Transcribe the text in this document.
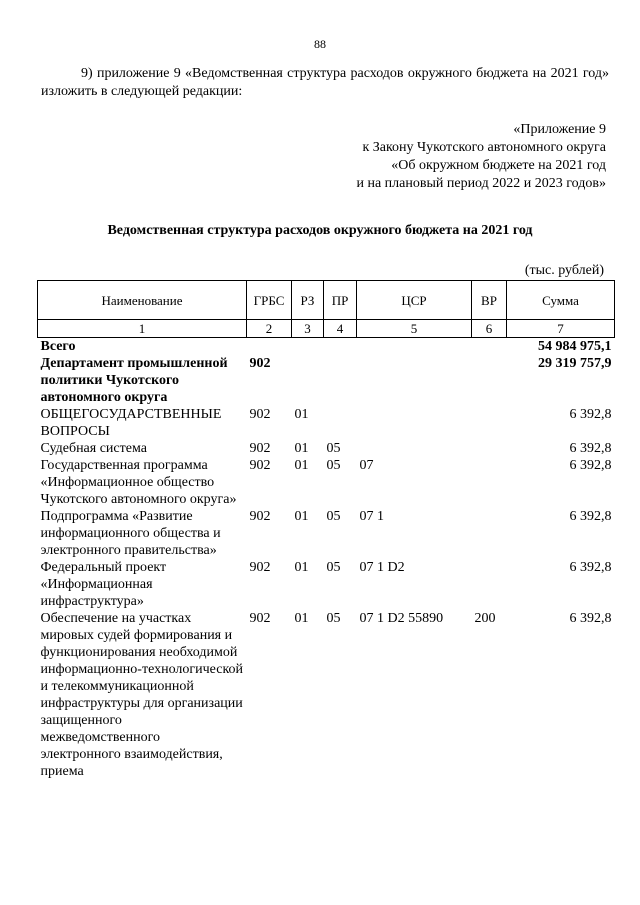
88
9) приложение 9 «Ведомственная структура расходов окружного бюджета на 2021 год» изложить в следующей редакции:
«Приложение 9
к Закону Чукотского автономного округа
«Об окружном бюджете на 2021 год
и на плановый период 2022 и 2023 годов»
Ведомственная структура расходов окружного бюджета на 2021 год
(тыс. рублей)
Наименование	ГРБС	РЗ	ПР	ЦСР	ВР	Сумма
1	2	3	4	5	6	7
Всего						54 984 975,1
Департамент промышленной политики Чукотского автономного округа	902					29 319 757,9
ОБЩЕГОСУДАРСТВЕННЫЕ ВОПРОСЫ	902	01				6 392,8
Судебная система	902	01	05			6 392,8
Государственная программа «Информационное общество Чукотского автономного округа»	902	01	05	07		6 392,8
Подпрограмма «Развитие информационного общества и электронного правительства»	902	01	05	07 1		6 392,8
Федеральный проект «Информационная инфраструктура»	902	01	05	07 1 D2		6 392,8
Обеспечение на участках мировых судей формирования и функционирования необходимой информационно-технологической и телекоммуникационной инфраструктуры для организации защищенного межведомственного электронного взаимодействия, приема	902	01	05	07 1 D2 55890	200	6 392,8
